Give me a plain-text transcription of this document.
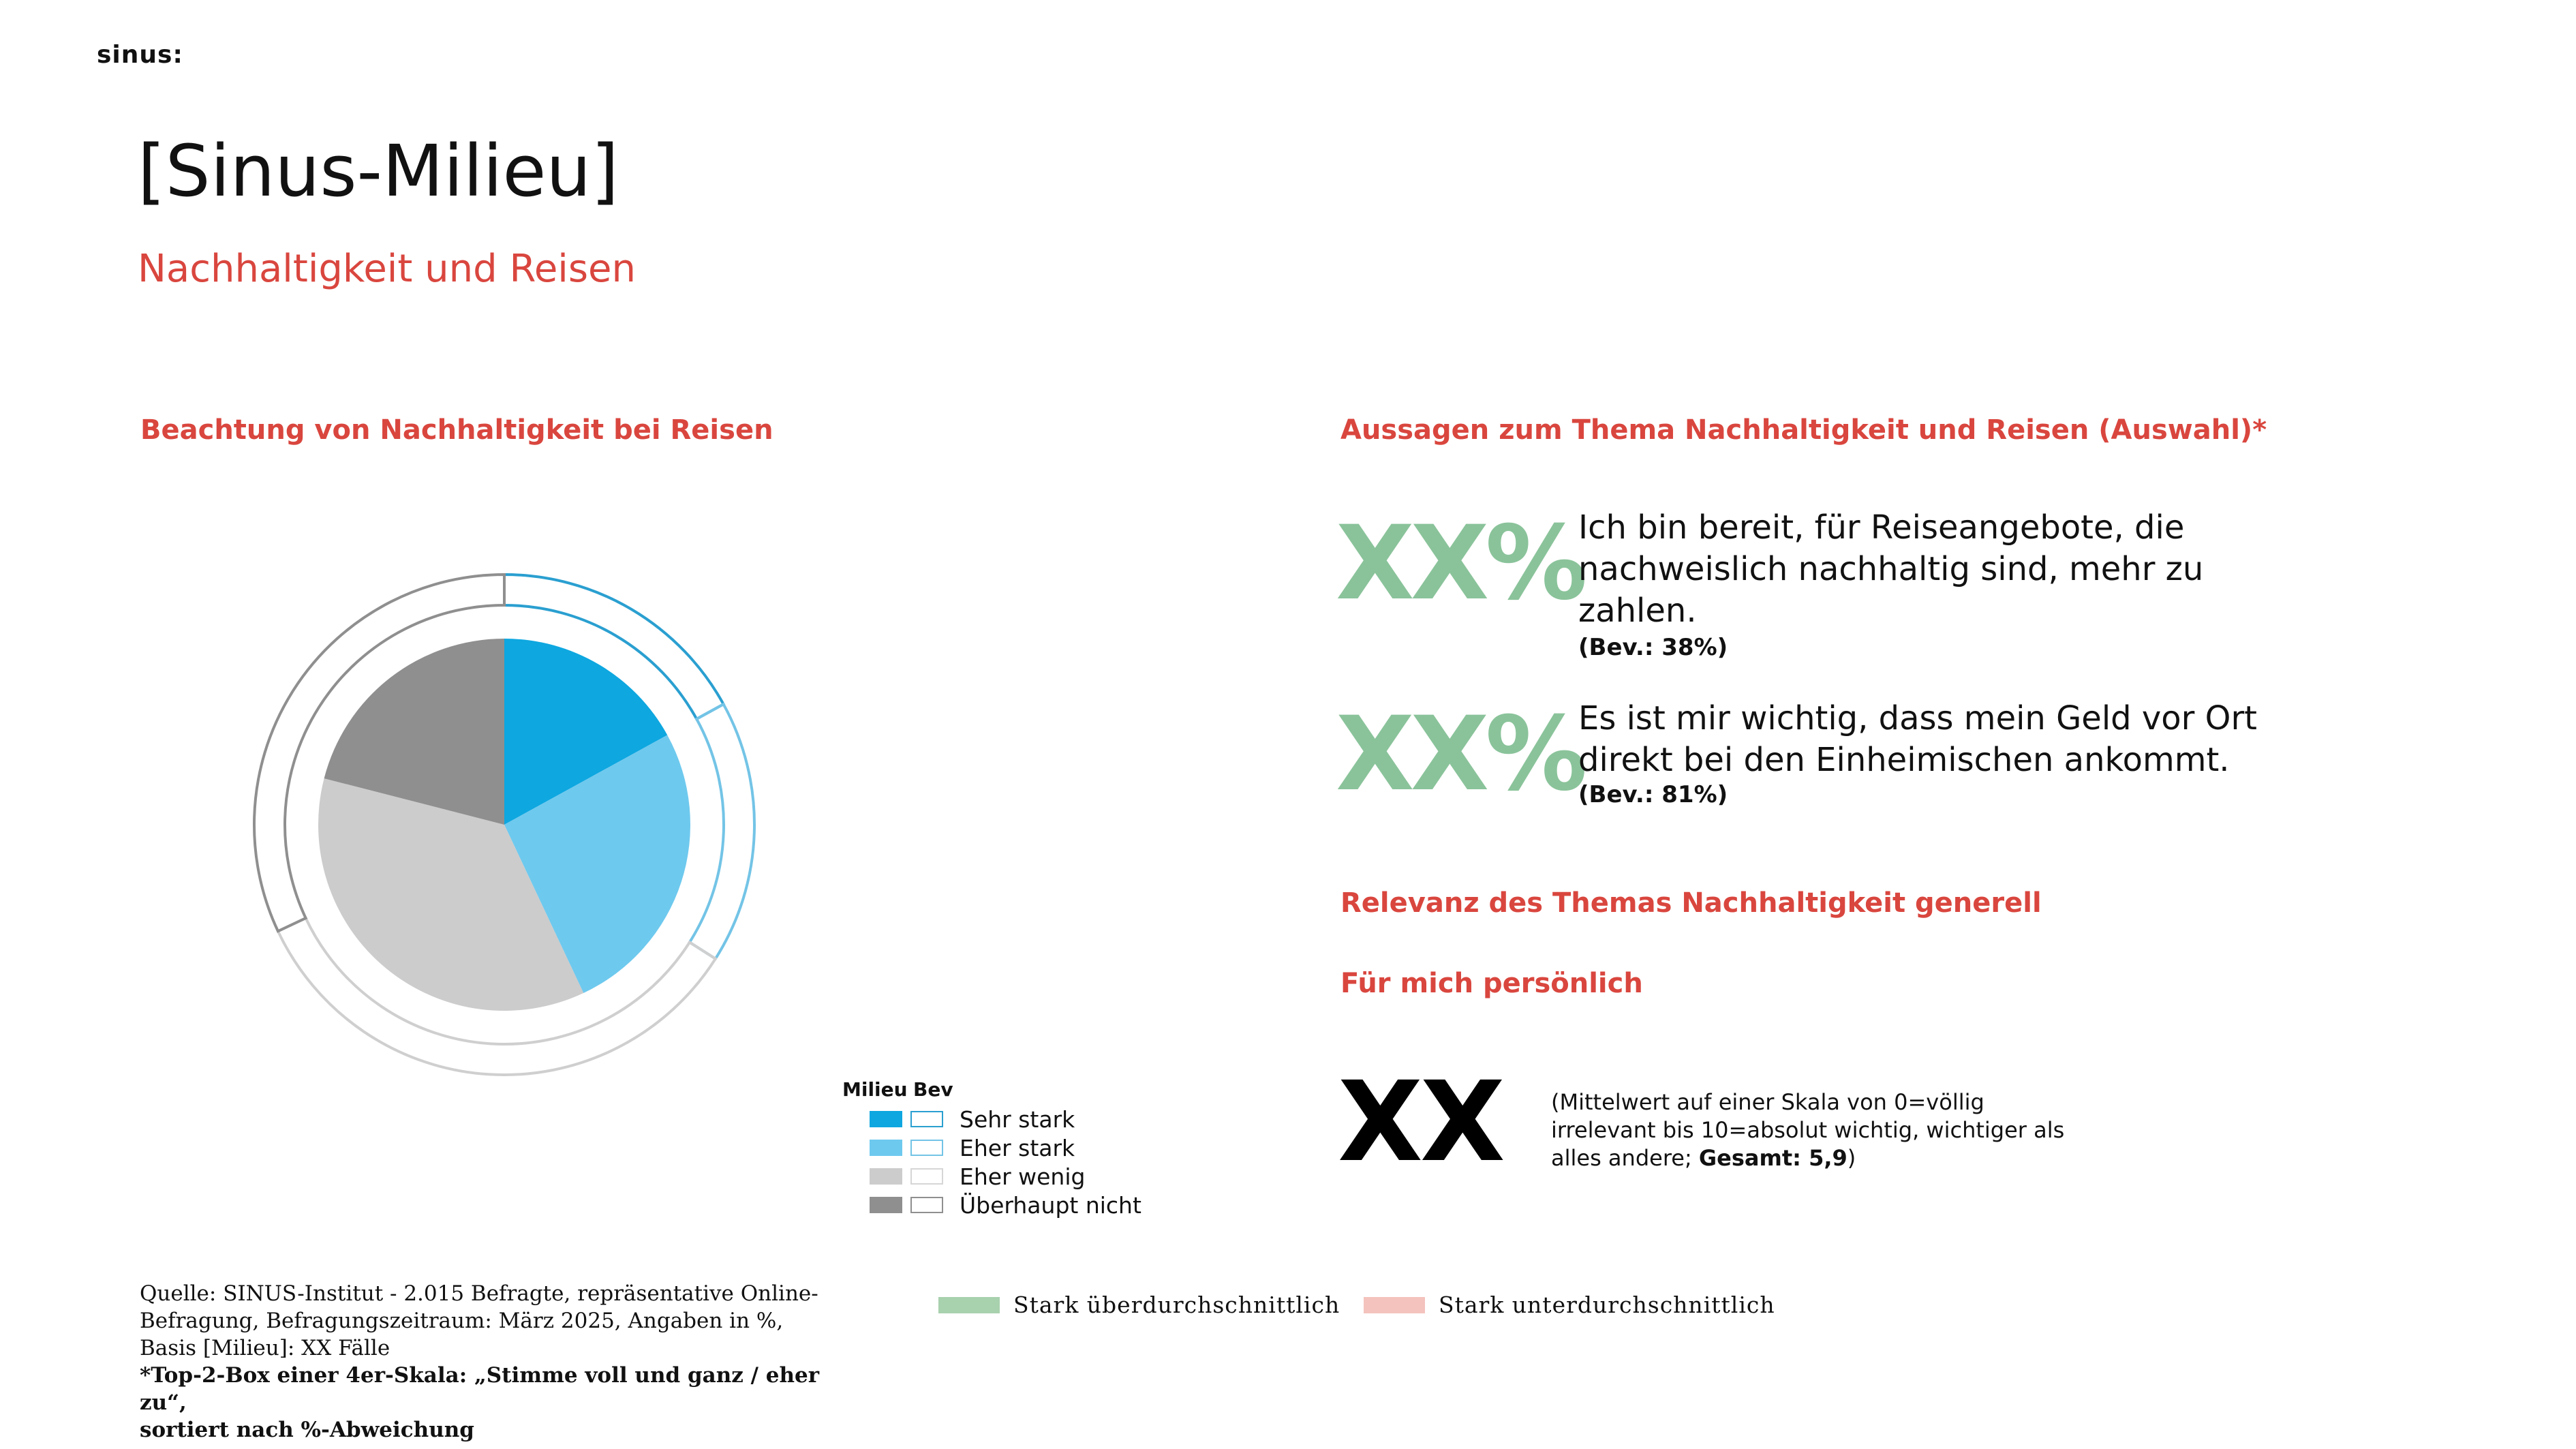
sinus:
[Sinus-Milieu]
Nachhaltigkeit und Reisen
Beachtung von Nachhaltigkeit bei Reisen
Milieu Bev
Sehr stark
Eher stark
Eher wenig
Überhaupt nicht
Aussagen zum Thema Nachhaltigkeit und Reisen (Auswahl)*
XX%
Ich bin bereit, für Reiseangebote, die nachweislich nachhaltig sind, mehr zu zahlen.
(Bev.: 38%)
XX%
Es ist mir wichtig, dass mein Geld vor Ort direkt bei den Einheimischen ankommt.
(Bev.: 81%)
Relevanz des Themas Nachhaltigkeit generell
Für mich persönlich
XX (Mittelwert auf einer Skala von 0=völlig irrelevant bis 10=absolut wichtig, wichtiger als alles andere; Gesamt: 5,9)
Quelle: SINUS-Institut - 2.015 Befragte, repräsentative Online-
Befragung, Befragungszeitraum: März 2025, Angaben in %,
Basis [Milieu]: XX Fälle
*Top-2-Box einer 4er-Skala: „Stimme voll und ganz / eher zu“,
sortiert nach %-Abweichung
Stark überdurchschnittlich	Stark unterdurchschnittlich
